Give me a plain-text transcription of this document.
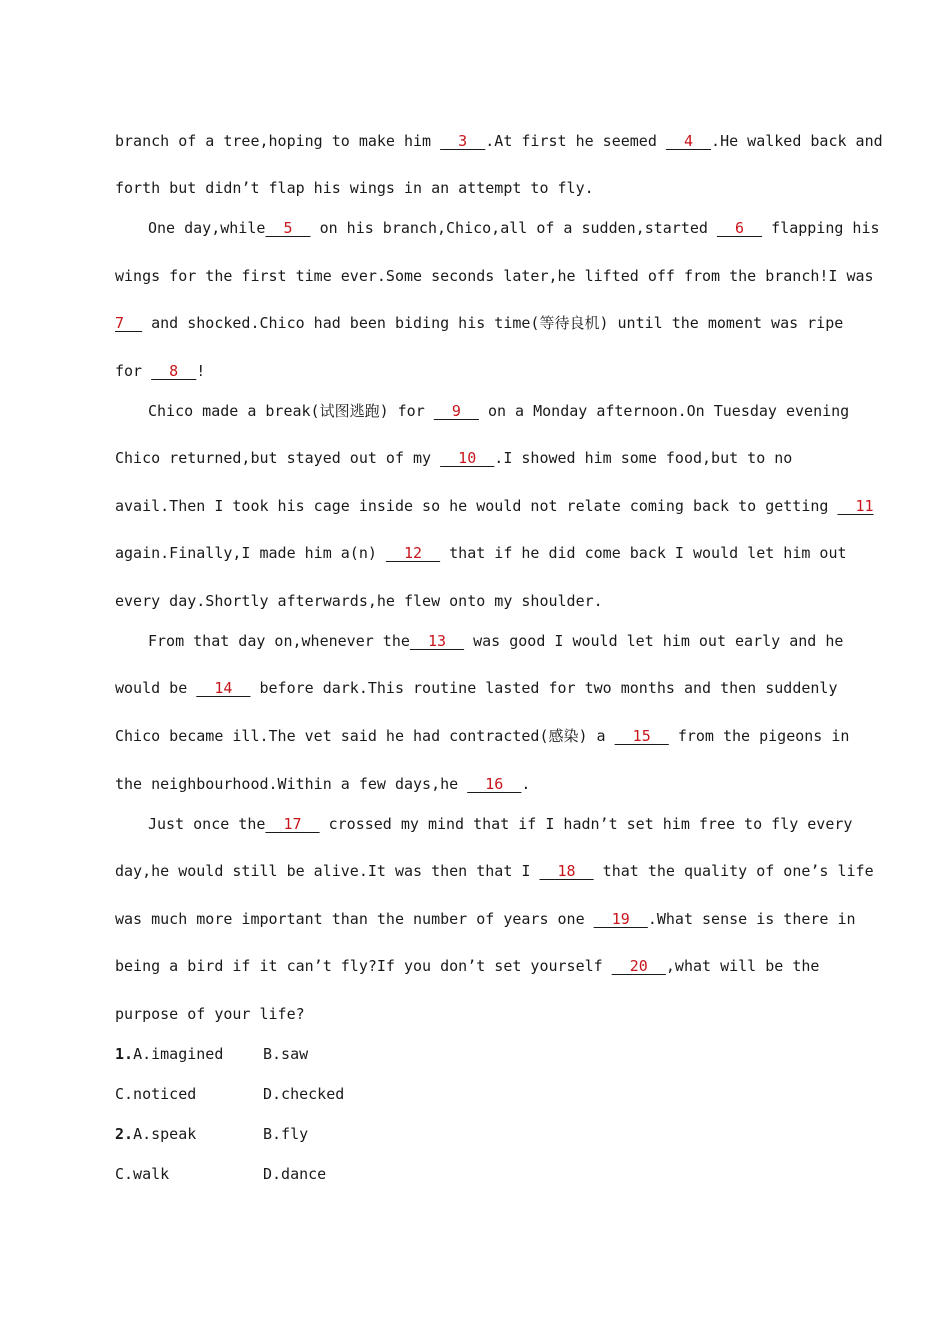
branch of a tree,hoping to make him   3  .At first he seemed   4  .He walked back and

forth but didn’t flap his wings in an attempt to fly.

One day,while  5   on his branch,Chico,all of a sudden,started   6   flapping his

wings for the first time ever.Some seconds later,he lifted off from the branch!I was

7   and shocked.Chico had been biding his time(等待良机) until the moment was ripe

for   8  !

Chico made a break(试图逃跑) for   9   on a Monday afternoon.On Tuesday evening

Chico returned,but stayed out of my   10  .I showed him some food,but to no

avail.Then I took his cage inside so he would not relate coming back to getting   11

again.Finally,I made him a(n)   12   that if he did come back I would let him out

every day.Shortly afterwards,he flew onto my shoulder.

From that day on,whenever the  13   was good I would let him out early and he

would be   14   before dark.This routine lasted for two months and then suddenly

Chico became ill.The vet said he had contracted(感染) a   15   from the pigeons in

the neighbourhood.Within a few days,he   16  .

Just once the  17   crossed my mind that if I hadn’t set him free to fly every

day,he would still be alive.It was then that I   18   that the quality of one’s life

was much more important than the number of years one   19  .What sense is there in

being a bird if it can’t fly?If you don’t set yourself   20  ,what will be the

purpose of your life?

1.A.imagined	B.saw

C.noticed	D.checked

2.A.speak	B.fly

C.walk	D.dance
